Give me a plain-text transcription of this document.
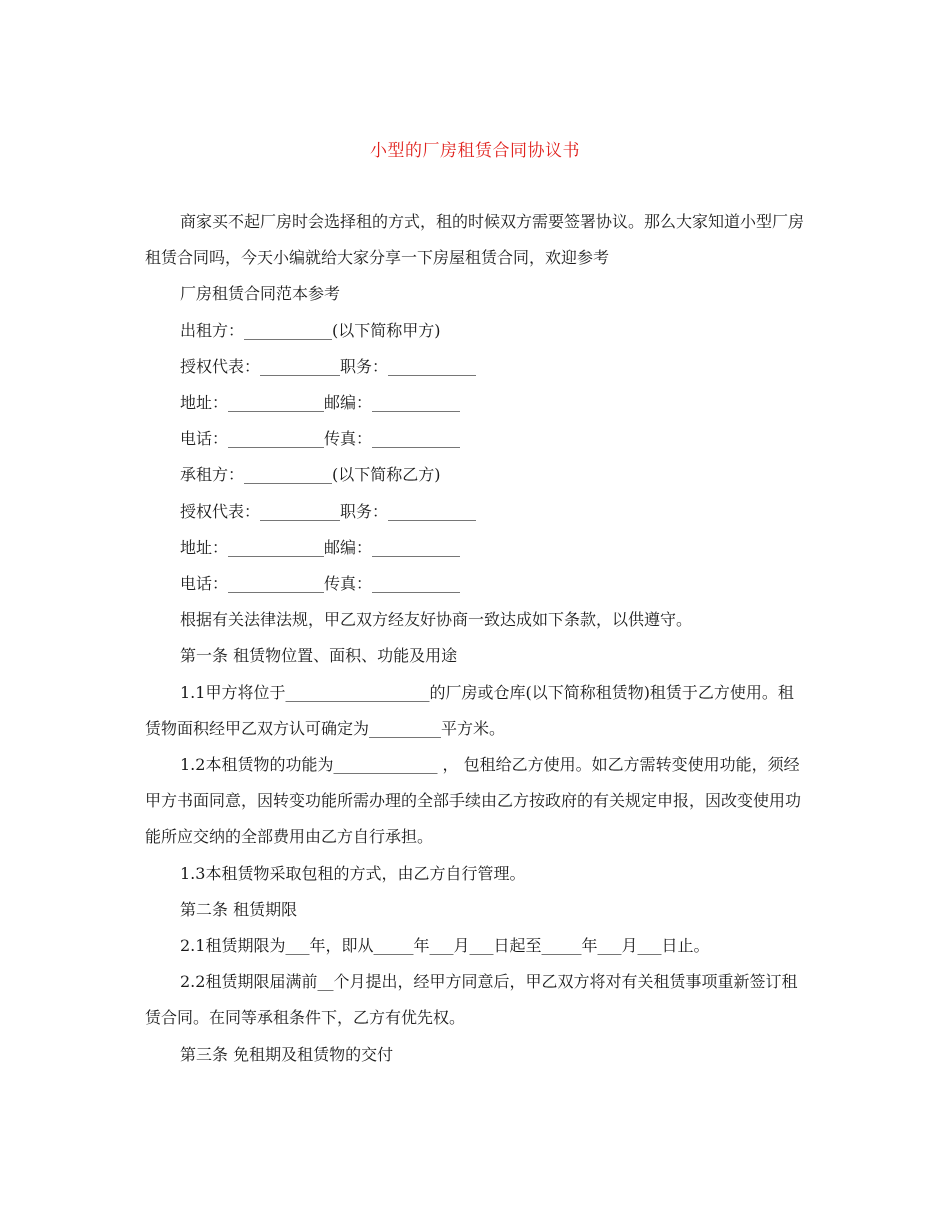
小型的厂房租赁合同协议书

商家买不起厂房时会选择租的方式，租的时候双方需要签署协议。那么大家知道小型厂房租赁合同吗，今天小编就给大家分享一下房屋租赁合同，欢迎参考

厂房租赁合同范本参考

出租方：___________(以下简称甲方)

授权代表：__________职务：___________

地址：____________邮编：___________

电话：____________传真：___________

承租方：___________(以下简称乙方)

授权代表：__________职务：___________

地址：____________邮编：___________

电话：____________传真：___________

根据有关法律法规，甲乙双方经友好协商一致达成如下条款，以供遵守。

第一条 租赁物位置、面积、功能及用途

1.1甲方将位于__________________的厂房或仓库(以下简称租赁物)租赁于乙方使用。租赁物面积经甲乙双方认可确定为_________平方米。

1.2本租赁物的功能为_____________ ， 包租给乙方使用。如乙方需转变使用功能，须经甲方书面同意，因转变功能所需办理的全部手续由乙方按政府的有关规定申报，因改变使用功能所应交纳的全部费用由乙方自行承担。

1.3本租赁物采取包租的方式，由乙方自行管理。

第二条 租赁期限

2.1租赁期限为___年，即从_____年___月___日起至_____年___月___日止。

2.2租赁期限届满前__个月提出，经甲方同意后，甲乙双方将对有关租赁事项重新签订租赁合同。在同等承租条件下，乙方有优先权。

第三条 免租期及租赁物的交付
